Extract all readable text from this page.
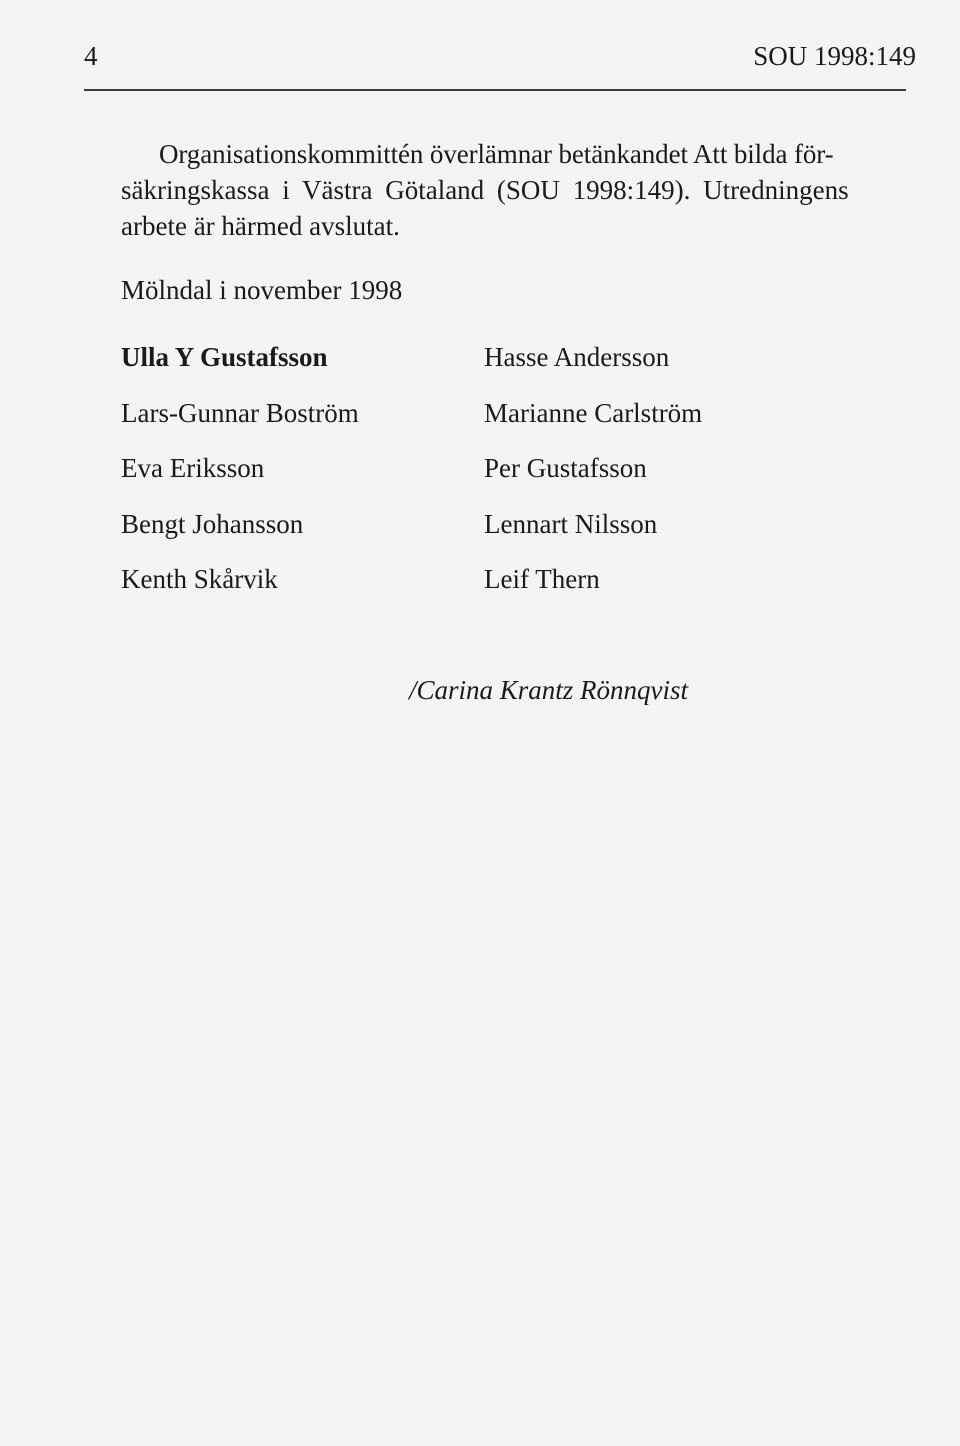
4	SOU 1998:149

Organisationskommittén överlämnar betänkandet Att bilda för-
säkringskassa i Västra Götaland (SOU 1998:149). Utredningens
arbete är härmed avslutat.

Mölndal i november 1998
Ulla Y Gustafsson
Lars-Gunnar Boström
Eva Eriksson
Bengt Johansson
Kenth Skårvik
Hasse Andersson
Marianne Carlström
Per Gustafsson
Lennart Nilsson
Leif Thern
/Carina Krantz Rönnqvist
